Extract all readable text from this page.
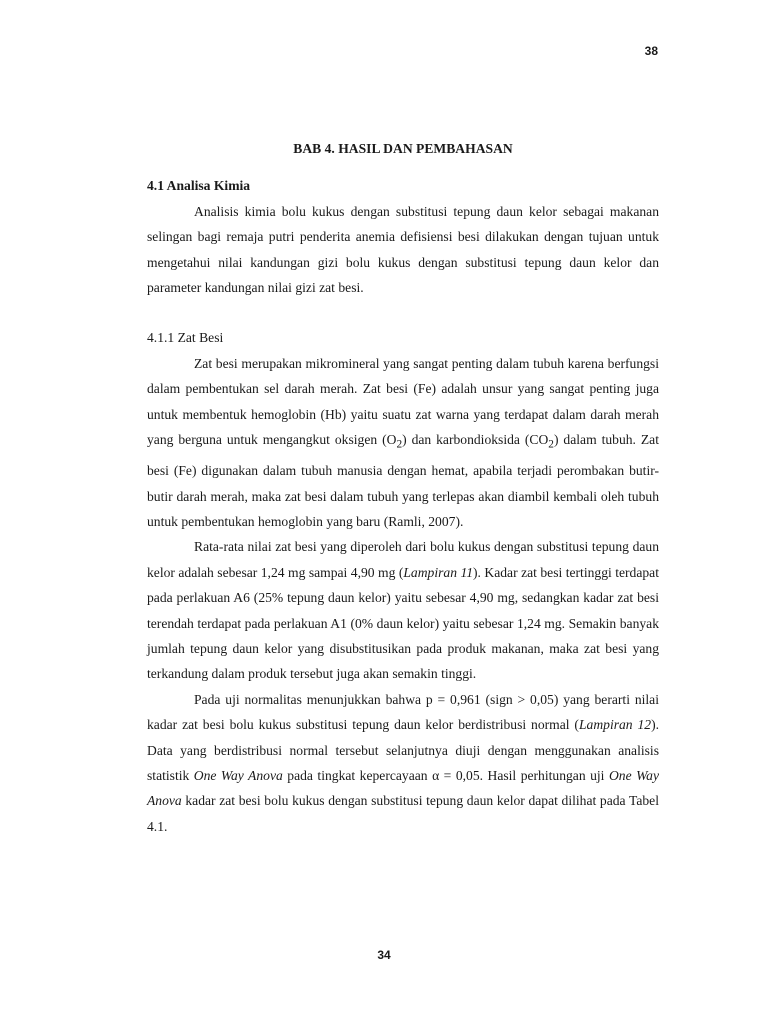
38
BAB 4. HASIL DAN PEMBAHASAN
4.1 Analisa Kimia

Analisis kimia bolu kukus dengan substitusi tepung daun kelor sebagai makanan selingan bagi remaja putri penderita anemia defisiensi besi dilakukan dengan tujuan untuk mengetahui nilai kandungan gizi bolu kukus dengan substitusi tepung daun kelor dan parameter kandungan nilai gizi zat besi.

4.1.1 Zat Besi

Zat besi merupakan mikromineral yang sangat penting dalam tubuh karena berfungsi dalam pembentukan sel darah merah. Zat besi (Fe) adalah unsur yang sangat penting juga untuk membentuk hemoglobin (Hb) yaitu suatu zat warna yang terdapat dalam darah merah yang berguna untuk mengangkut oksigen $(O_2)$ dan karbondioksida $(CO_2)$ dalam tubuh. Zat besi (Fe) digunakan dalam tubuh manusia dengan hemat, apabila terjadi perombakan butir-butir darah merah, maka zat besi dalam tubuh yang terlepas akan diambil kembali oleh tubuh untuk pembentukan hemoglobin yang baru (Ramli, 2007).

Rata-rata nilai zat besi yang diperoleh dari bolu kukus dengan substitusi tepung daun kelor adalah sebesar 1,24 mg sampai 4,90 mg (Lampiran 11). Kadar zat besi tertinggi terdapat pada perlakuan A6 (25% tepung daun kelor) yaitu sebesar 4,90 mg, sedangkan kadar zat besi terendah terdapat pada perlakuan A1 (0% daun kelor) yaitu sebesar 1,24 mg. Semakin banyak jumlah tepung daun kelor yang disubstitusikan pada produk makanan, maka zat besi yang terkandung dalam produk tersebut juga akan semakin tinggi.

Pada uji normalitas menunjukkan bahwa p = 0,961 (sign > 0,05) yang berarti nilai kadar zat besi bolu kukus substitusi tepung daun kelor berdistribusi normal (Lampiran 12). Data yang berdistribusi normal tersebut selanjutnya diuji dengan menggunakan analisis statistik One Way Anova pada tingkat kepercayaan α = 0,05. Hasil perhitungan uji One Way Anova kadar zat besi bolu kukus dengan substitusi tepung daun kelor dapat dilihat pada Tabel 4.1.

34
